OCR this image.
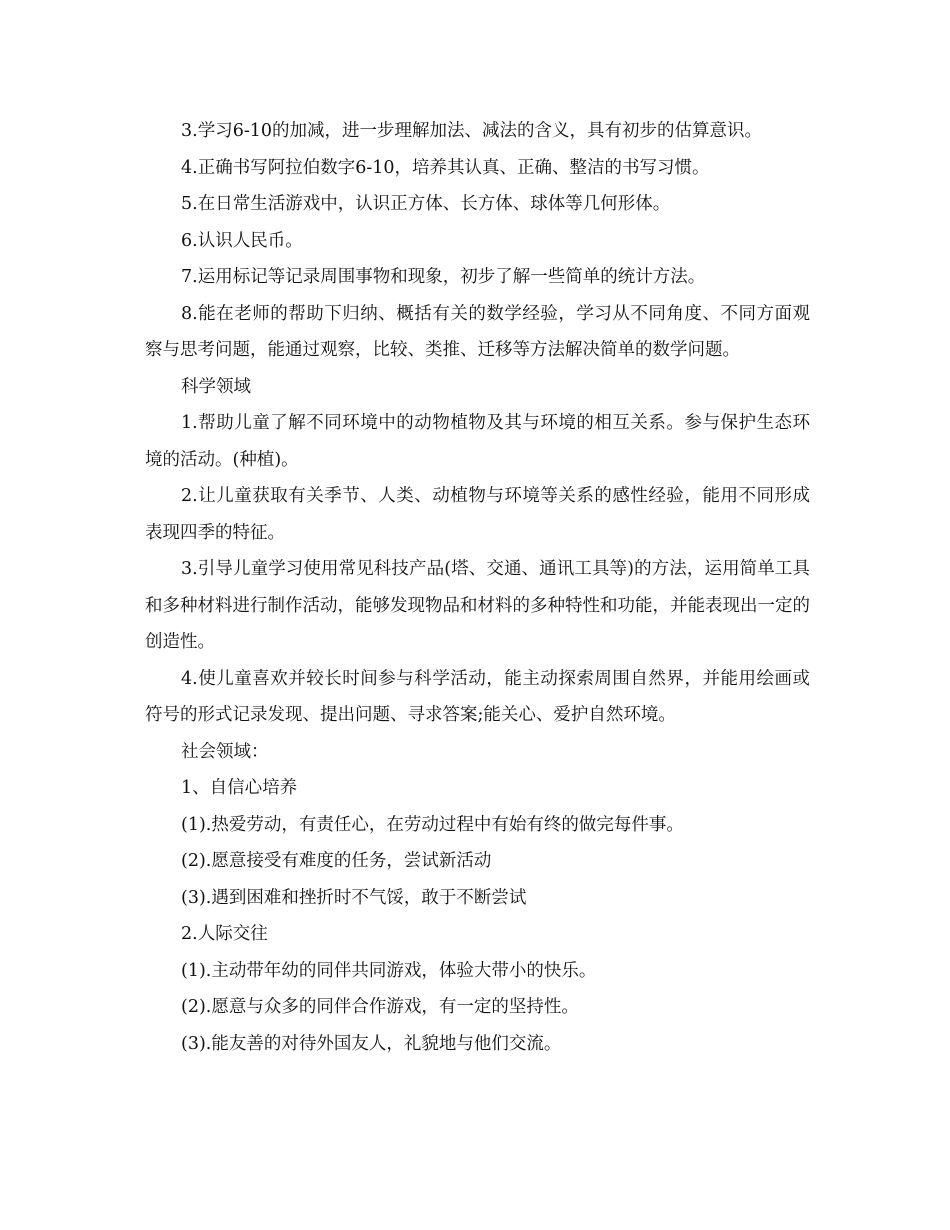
3.学习6-10的加减，进一步理解加法、减法的含义，具有初步的估算意识。

4.正确书写阿拉伯数字6-10，培养其认真、正确、整洁的书写习惯。

5.在日常生活游戏中，认识正方体、长方体、球体等几何形体。

6.认识人民币。

7.运用标记等记录周围事物和现象，初步了解一些简单的统计方法。

8.能在老师的帮助下归纳、概括有关的数学经验，学习从不同角度、不同方面观察与思考问题，能通过观察，比较、类推、迁移等方法解决简单的数学问题。

科学领域

1.帮助儿童了解不同环境中的动物植物及其与环境的相互关系。参与保护生态环境的活动。(种植)。

2.让儿童获取有关季节、人类、动植物与环境等关系的感性经验，能用不同形成表现四季的特征。

3.引导儿童学习使用常见科技产品(塔、交通、通讯工具等)的方法，运用简单工具和多种材料进行制作活动，能够发现物品和材料的多种特性和功能，并能表现出一定的创造性。

4.使儿童喜欢并较长时间参与科学活动，能主动探索周围自然界，并能用绘画或符号的形式记录发现、提出问题、寻求答案;能关心、爱护自然环境。

社会领域：

1、自信心培养

(1).热爱劳动，有责任心，在劳动过程中有始有终的做完每件事。

(2).愿意接受有难度的任务，尝试新活动

(3).遇到困难和挫折时不气馁，敢于不断尝试

2.人际交往

(1).主动带年幼的同伴共同游戏，体验大带小的快乐。

(2).愿意与众多的同伴合作游戏，有一定的坚持性。

(3).能友善的对待外国友人，礼貌地与他们交流。
